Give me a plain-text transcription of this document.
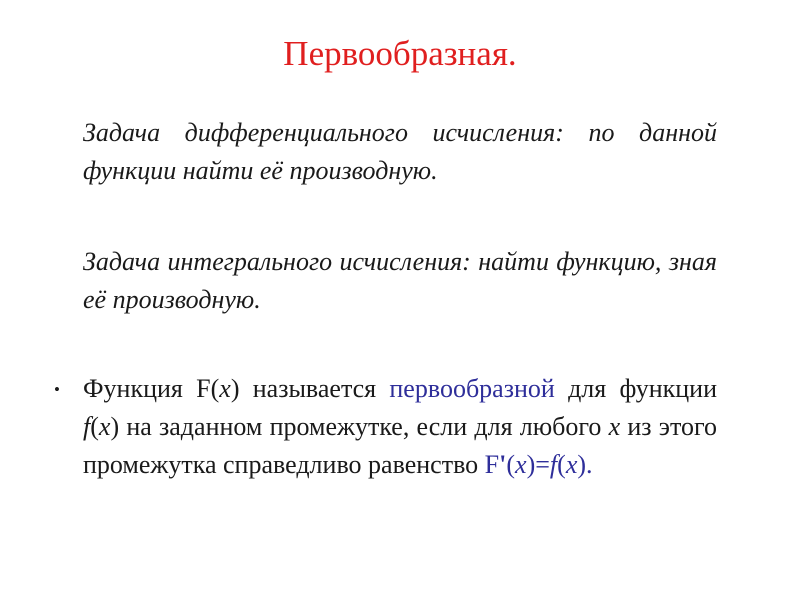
Первообразная.

Задача дифференциального исчисления: по данной функции найти её производную.

Задача интегрального исчисления: найти функцию, зная её производную.

• Функция F(x) называется первообразной для функции f(x) на заданном промежутке, если для любого x из этого промежутка справедливо равенство F'(x)=f(x).
